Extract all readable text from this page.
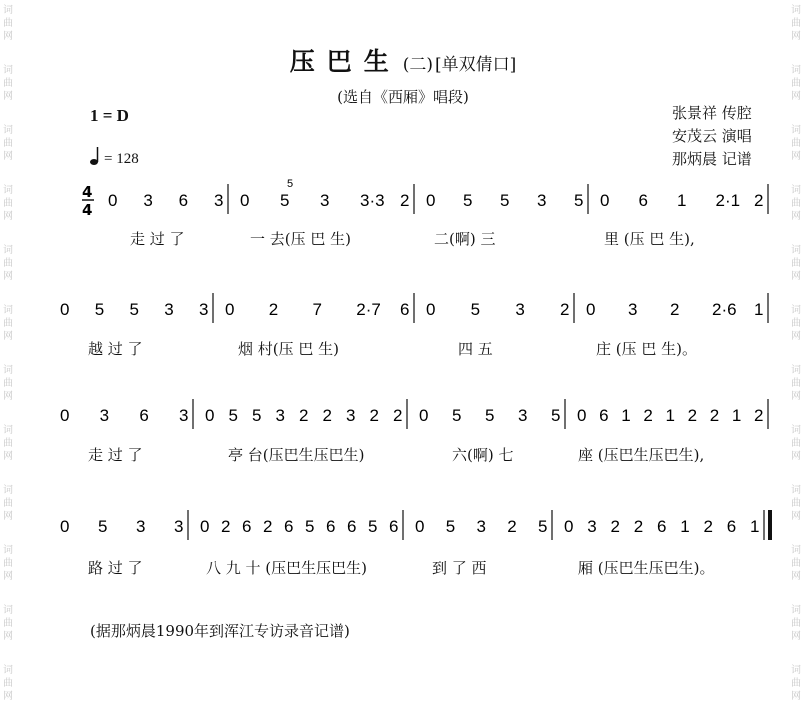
词
曲
网
词
曲
网
词
曲
网
词
曲
网
词
曲
网
词
曲
网
词
曲
网
词
曲
网
词
曲
网
词
曲
网
词
曲
网
词
曲
网
词
曲
网
词
曲
网
词
曲
网
词
曲
网
词
曲
网
词
曲
网
词
曲
网
词
曲
网
词
曲
网
词
曲
网
词
曲
网
词
曲
网
压巴生 (二) [单双倩口]
(选自《西厢》唱段)
1 = D
= 128
张景祥 传腔
安茂云 演唱
那炳晨 记谱
4
4 0 3 6 3 0 5 3 3·3 2 0 5 5 3 5 0 6 1 2·1 2
0 5 5 3 3 0 2 7 2·7 6 0 5 3 2 0 3 2 2·6 1
0 3 6 3 0 5 5 3 2 2 3 2 2 0 5 5 3 5 0 6 1 2 1 2 2 1 2
0 5 3 3 0 2 6 2 6 5 6 6 5 6 0 5 3 2 5 0 3 2 2 6 1 2 6 1
5
走 过 了	一 去(压 巴 生)	二(啊) 三	里 (压 巴 生),
越 过 了	烟 村(压 巴 生)	四 五	庄 (压 巴 生)。
走 过 了	亭 台(压巴生压巴生)	六(啊) 七	座 (压巴生压巴生),
路 过 了	八 九 十 (压巴生压巴生)	到 了 西	厢 (压巴生压巴生)。
(据那炳晨1990年到浑江专访录音记谱)
